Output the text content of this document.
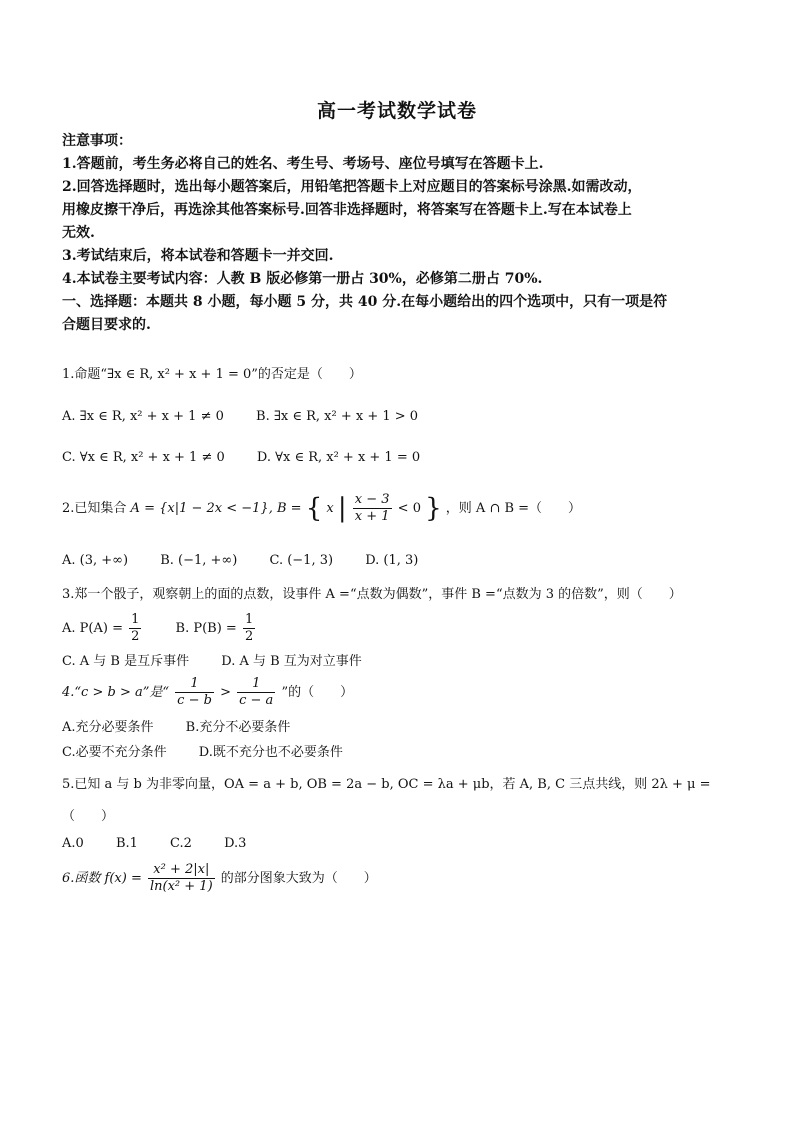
高一考试数学试卷
注意事项：
1.答题前，考生务必将自己的姓名、考生号、考场号、座位号填写在答题卡上.
2.回答选择题时，选出每小题答案后，用铅笔把答题卡上对应题目的答案标号涂黑.如需改动，
用橡皮擦干净后，再选涂其他答案标号.回答非选择题时，将答案写在答题卡上.写在本试卷上
无效.
3.考试结束后，将本试卷和答题卡一并交回.
4.本试卷主要考试内容：人教 B 版必修第一册占 30%，必修第二册占 70%.
一、选择题：本题共 8 小题，每小题 5 分，共 40 分.在每小题给出的四个选项中，只有一项是符
合题目要求的.
1.命题“∃x ∈ R, x² + x + 1 = 0”的否定是（　　）
A. ∃x ∈ R, x² + x + 1 ≠ 0 B. ∃x ∈ R, x² + x + 1 > 0
C. ∀x ∈ R, x² + x + 1 ≠ 0 D. ∀x ∈ R, x² + x + 1 = 0
2.已知集合 A = {x|1 − 2x < −1}, B = { x | $\frac{x - 3}{x + 1} < 0$ } ，则 A ∩ B =（　　）
A. (3, +∞) B. (−1, +∞) C. (−1, 3) D. (1, 3)
3.郑一个骰子，观察朝上的面的点数，设事件 A =“点数为偶数”，事件 B =“点数为 3 的倍数”，则（　　）
A. $P(A) = \frac{1}{2}$	B. $P(B) = \frac{1}{2}$
C. A 与 B 是互斥事件 D. A 与 B 互为对立事件
4.“c > b > a”是“ $\frac{1}{c - b} > \frac{1}{c - a}$ ”的（　　）
A.充分必要条件 B.充分不必要条件
C.必要不充分条件 D.既不充分也不必要条件
5.已知 a 与 b 为非零向量，OA = a + b, OB = 2a − b, OC = λa + μb，若 A, B, C 三点共线，则 2λ + μ =
（　　）
A.0 B.1 C.2 D.3
6.函数 $f(x) = \frac{\text{x² + 2|x|}}{\text{ln(x² + 1)}}$ 的部分图象大致为（　　）
